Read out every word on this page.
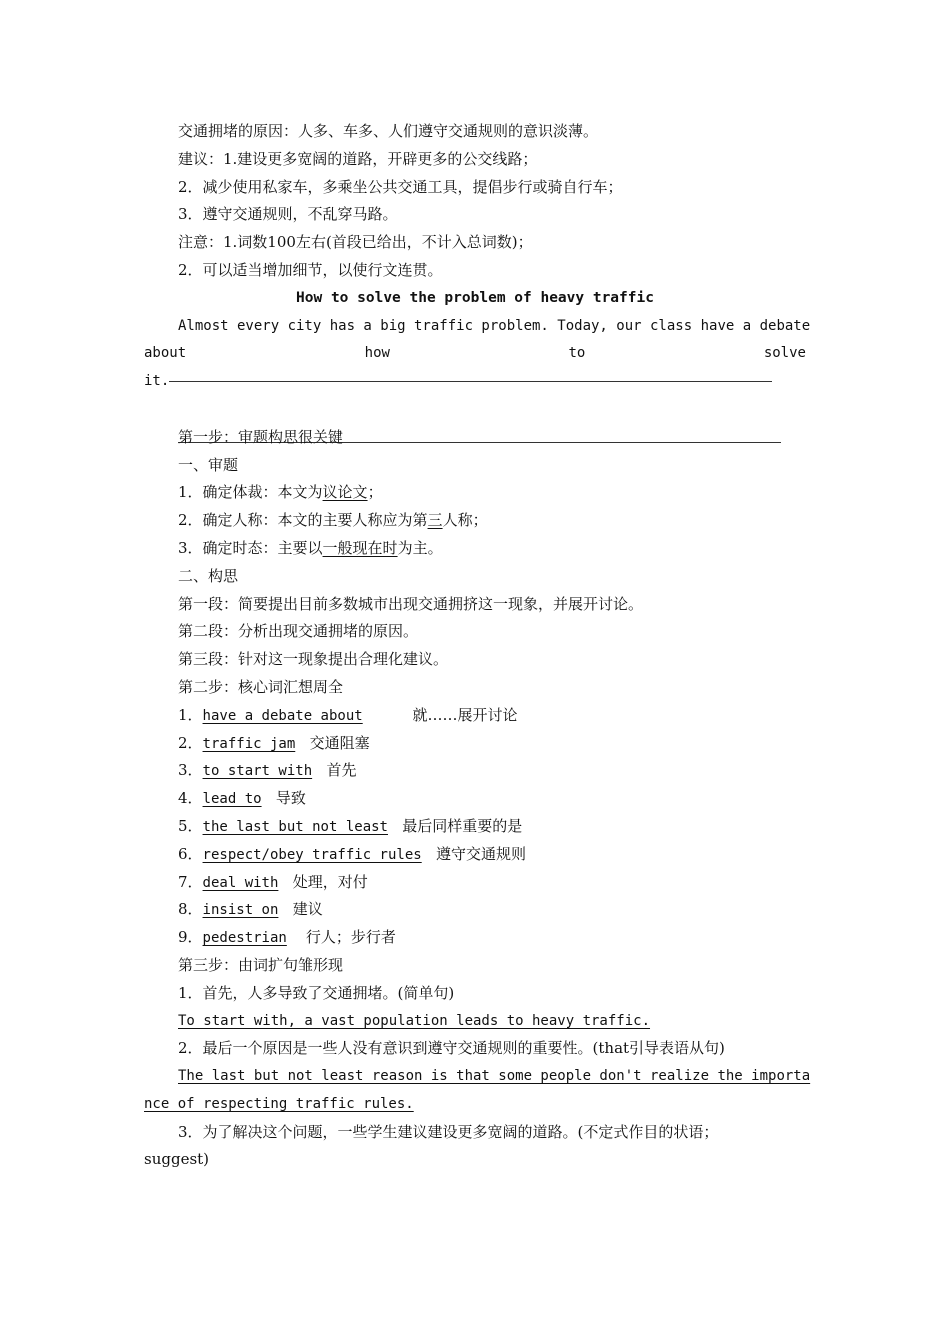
交通拥堵的原因：人多、车多、人们遵守交通规则的意识淡薄。
建议：1.建设更多宽阔的道路，开辟更多的公交线路；
2．减少使用私家车，多乘坐公共交通工具，提倡步行或骑自行车；
3．遵守交通规则，不乱穿马路。
注意：1.词数100左右(首段已给出，不计入总词数)；
2．可以适当增加细节，以使行文连贯。
How to solve the problem of heavy traffic
Almost every city has a big traffic problem. Today, our class have a debate
about	how	to	solve
it.
第一步：审题构思很关键
一、审题
1．确定体裁：本文为议论文；
2．确定人称：本文的主要人称应为第三人称；
3．确定时态：主要以一般现在时为主。
二、构思
第一段：简要提出目前多数城市出现交通拥挤这一现象，并展开讨论。
第二段：分析出现交通拥堵的原因。
第三段：针对这一现象提出合理化建议。
第二步：核心词汇想周全
1．have a debate about	就……展开讨论
2．traffic jam 交通阻塞
3．to start with 首先
4．lead to 导致
5．the last but not least 最后同样重要的是
6．respect/obey traffic rules 遵守交通规则
7．deal with 处理，对付
8．insist on 建议
9．pedestrian 行人；步行者
第三步：由词扩句雏形现
1．首先，人多导致了交通拥堵。(简单句)
To start with, a vast population leads to heavy traffic.
2．最后一个原因是一些人没有意识到遵守交通规则的重要性。(that引导表语从句)
The last but not least reason is that some people don't realize the importa
nce of respecting traffic rules.
3．为了解决这个问题，一些学生建议建设更多宽阔的道路。(不定式作目的状语；
suggest)
